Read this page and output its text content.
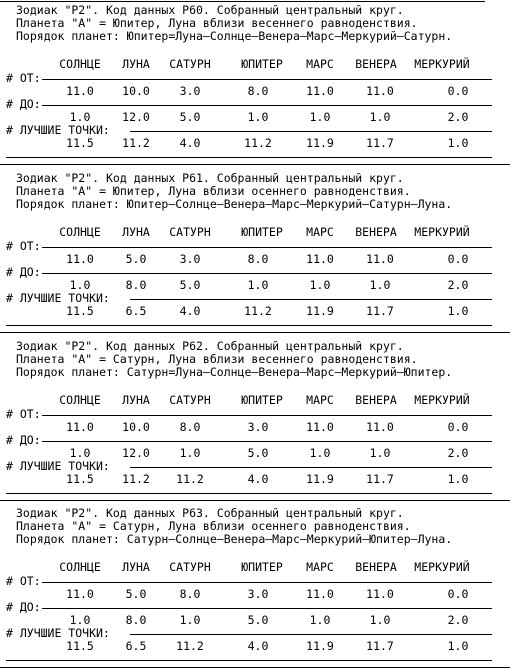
Зодиак "P2". Код данных P60. Собранный центральный круг.
Планета "А" = Юпитер, Луна вблизи весеннего равноденствия.
Порядок планет: Юпитер=Луна–Солнце–Венера–Марс–Меркурий–Сатурн.
СОЛНЦЕ	ЛУНА	САТУРН	ЮПИТЕР	МАРС	ВЕНЕРА	МЕРКУРИЙ
# ОТ:
11.0	10.0	3.0	8.0	11.0	11.0	0.0
# ДО:
1.0	12.0	5.0	1.0	1.0	1.0	2.0
# ЛУЧШИЕ ТОЧКИ:
11.5	11.2	4.0	11.2	11.9	11.7	1.0
Зодиак "P2". Код данных P61. Собранный центральный круг.
Планета "А" = Юпитер, Луна вблизи осеннего равноденствия.
Порядок планет: Юпитер–Солнце–Венера–Марс–Меркурий–Сатурн–Луна.
СОЛНЦЕ	ЛУНА	САТУРН	ЮПИТЕР	МАРС	ВЕНЕРА	МЕРКУРИЙ
# ОТ:
11.0	5.0	3.0	8.0	11.0	11.0	0.0
# ДО:
1.0	8.0	5.0	1.0	1.0	1.0	2.0
# ЛУЧШИЕ ТОЧКИ:
11.5	6.5	4.0	11.2	11.9	11.7	1.0
Зодиак "P2". Код данных P62. Собранный центральный круг.
Планета "А" = Сатурн, Луна вблизи весеннего равноденствия.
Порядок планет: Сатурн=Луна–Солнце–Венера–Марс–Меркурий–Юпитер.
СОЛНЦЕ	ЛУНА	САТУРН	ЮПИТЕР	МАРС	ВЕНЕРА	МЕРКУРИЙ
# ОТ:
11.0	10.0	8.0	3.0	11.0	11.0	0.0
# ДО:
1.0	12.0	1.0	5.0	1.0	1.0	2.0
# ЛУЧШИЕ ТОЧКИ:
11.5	11.2	11.2	4.0	11.9	11.7	1.0
Зодиак "P2". Код данных P63. Собранный центральный круг.
Планета "А" = Сатурн, Луна вблизи осеннего равноденствия.
Порядок планет: Сатурн–Солнце–Венера–Марс–Меркурий–Юпитер–Луна.
СОЛНЦЕ	ЛУНА	САТУРН	ЮПИТЕР	МАРС	ВЕНЕРА	МЕРКУРИЙ
# ОТ:
11.0	5.0	8.0	3.0	11.0	11.0	0.0
# ДО:
1.0	8.0	1.0	5.0	1.0	1.0	2.0
# ЛУЧШИЕ ТОЧКИ:
11.5	6.5	11.2	4.0	11.9	11.7	1.0
